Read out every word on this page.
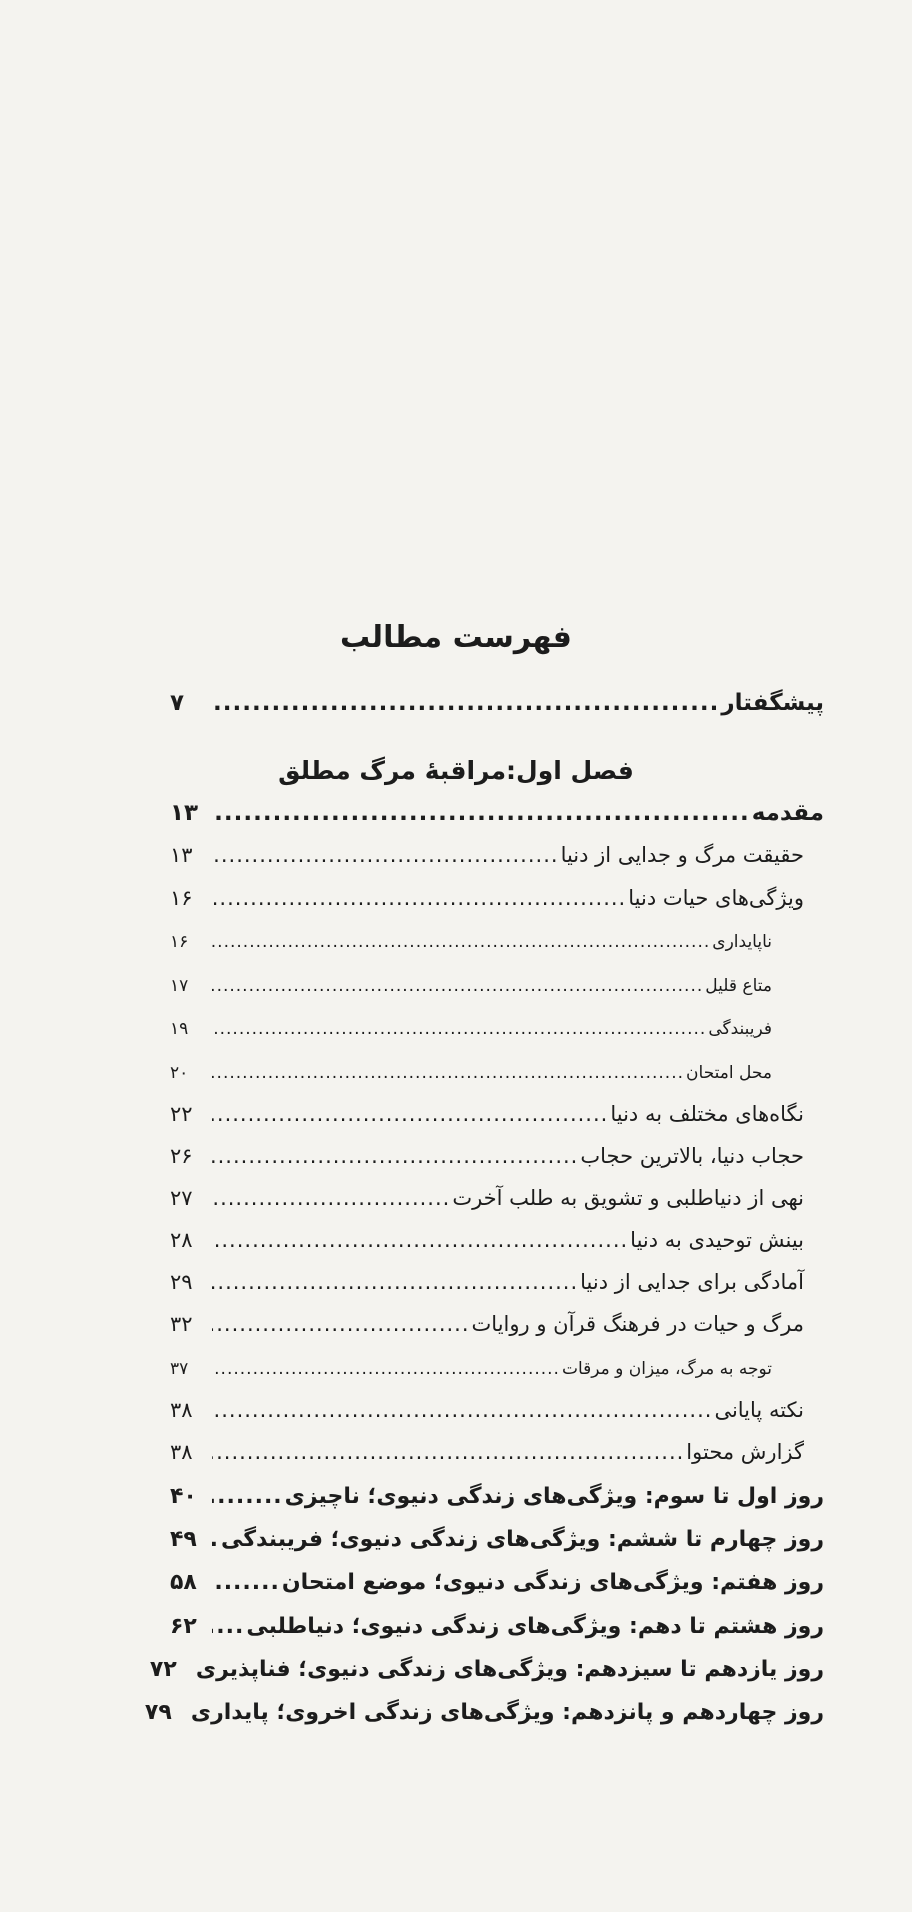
فهرست مطالب
پیشگفتار
.....
۷
فصل اول:مراقبهٔ مرگ مطلق
مقدمه
.....
۱۳
حقیقت مرگ و جدایی از دنیا
.....
۱۳
ویژگی‌های حیات دنیا
.....
۱۶
ناپایداری
.....
۱۶
متاع قلیل
.....
۱۷
فریبندگی
.....
۱۹
محل امتحان
.....
۲۰
نگاه‌های مختلف به دنیا
.....
۲۲
حجاب دنیا، بالاترین حجاب
.....
۲۶
نهی از دنیاطلبی و تشویق به طلب آخرت
.....
۲۷
بینش توحیدی به دنیا
.....
۲۸
آمادگی برای جدایی از دنیا
.....
۲۹
مرگ و حیات در فرهنگ قرآن و روایات
.....
۳۲
توجه به مرگ، میزان و مرقات
.....
۳۷
نکته پایانی
.....
۳۸
گزارش محتوا
.....
۳۸
روز اول تا سوم: ویژگی‌های زندگی دنیوی؛ ناچیزی
.....
۴۰
روز چهارم تا ششم: ویژگی‌های زندگی دنیوی؛ فریبندگی
.....
۴۹
روز هفتم: ویژگی‌های زندگی دنیوی؛ موضع امتحان
.....
۵۸
روز هشتم تا دهم: ویژگی‌های زندگی دنیوی؛ دنیاطلبی
.....
۶۲
روز یازدهم تا سیزدهم: ویژگی‌های زندگی دنیوی؛ فناپذیری
.....
۷۲
روز چهاردهم و پانزدهم: ویژگی‌های زندگی اخروی؛ پایداری
.....
۷۹
